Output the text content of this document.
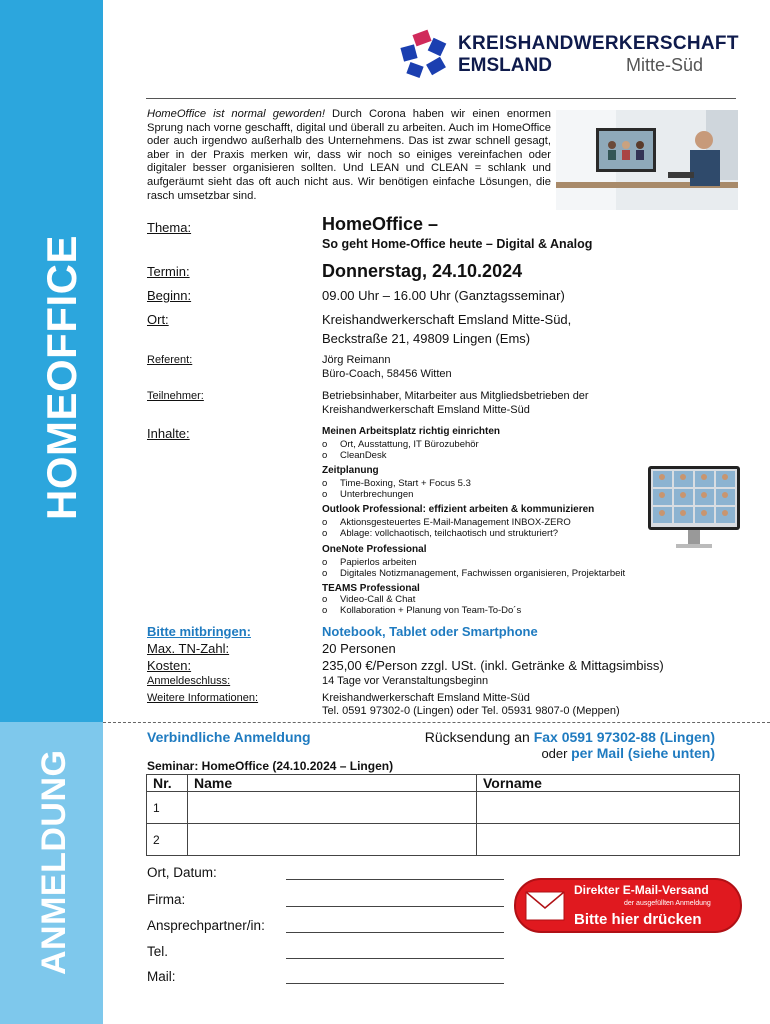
HOMEOFFICE
ANMELDUNG
KREISHANDWERKERSCHAFT
EMSLAND	Mitte-Süd
HomeOffice ist normal geworden! Durch Corona haben wir einen enormen Sprung nach vorne geschafft, digital und überall zu arbeiten. Auch im HomeOffice oder auch irgendwo außerhalb des Unternehmens. Das ist zwar schnell gesagt, aber in der Praxis merken wir, dass wir noch so einiges vereinfachen oder digitaler besser organisieren sollten. Und LEAN und CLEAN = schlank und aufgeräumt sieht das oft auch nicht aus. Wir benötigen einfache Lösungen, die rasch umsetzbar sind.
Thema:	HomeOffice –
So geht Home-Office heute – Digital & Analog
Termin:	Donnerstag, 24.10.2024
Beginn:	09.00 Uhr – 16.00 Uhr (Ganztagsseminar)
Ort:	Kreishandwerkerschaft Emsland Mitte-Süd,
Beckstraße 21, 49809 Lingen (Ems)
Referent:	Jörg Reimann
Büro-Coach, 58456 Witten
Teilnehmer:	Betriebsinhaber, Mitarbeiter aus Mitgliedsbetrieben der
Kreishandwerkerschaft Emsland Mitte-Süd
Inhalte:	Meinen Arbeitsplatz richtig einrichten
o Ort, Ausstattung, IT Bürozubehör
o CleanDesk
Zeitplanung
o Time-Boxing, Start + Focus 5.3
o Unterbrechungen
Outlook Professional: effizient arbeiten & kommunizieren
o Aktionsgesteuertes E-Mail-Management INBOX-ZERO
o Ablage: vollchaotisch, teilchaotisch und strukturiert?
OneNote Professional
o Papierlos arbeiten
o Digitales Notizmanagement, Fachwissen organisieren, Projektarbeit
TEAMS Professional
o Video-Call & Chat
o Kollaboration + Planung von Team-To-Do´s
Bitte mitbringen:	Notebook, Tablet oder Smartphone
Max. TN-Zahl:	20 Personen
Kosten:	235,00 €/Person zzgl. USt. (inkl. Getränke & Mittagsimbiss)
Anmeldeschluss:	14 Tage vor Veranstaltungsbeginn
Weitere Informationen:	Kreishandwerkerschaft Emsland Mitte-Süd
Tel. 0591 97302-0 (Lingen) oder Tel. 05931 9807-0 (Meppen)
Verbindliche Anmeldung	Rücksendung an Fax 0591 97302-88 (Lingen)
oder per Mail (siehe unten)
Seminar: HomeOffice (24.10.2024 – Lingen)
Nr.	Name	Vorname
1		
2		
Ort, Datum:
Firma:
Ansprechpartner/in:
Tel.
Mail:
Direkter E-Mail-Versand
der ausgefüllten Anmeldung
Bitte hier drücken
